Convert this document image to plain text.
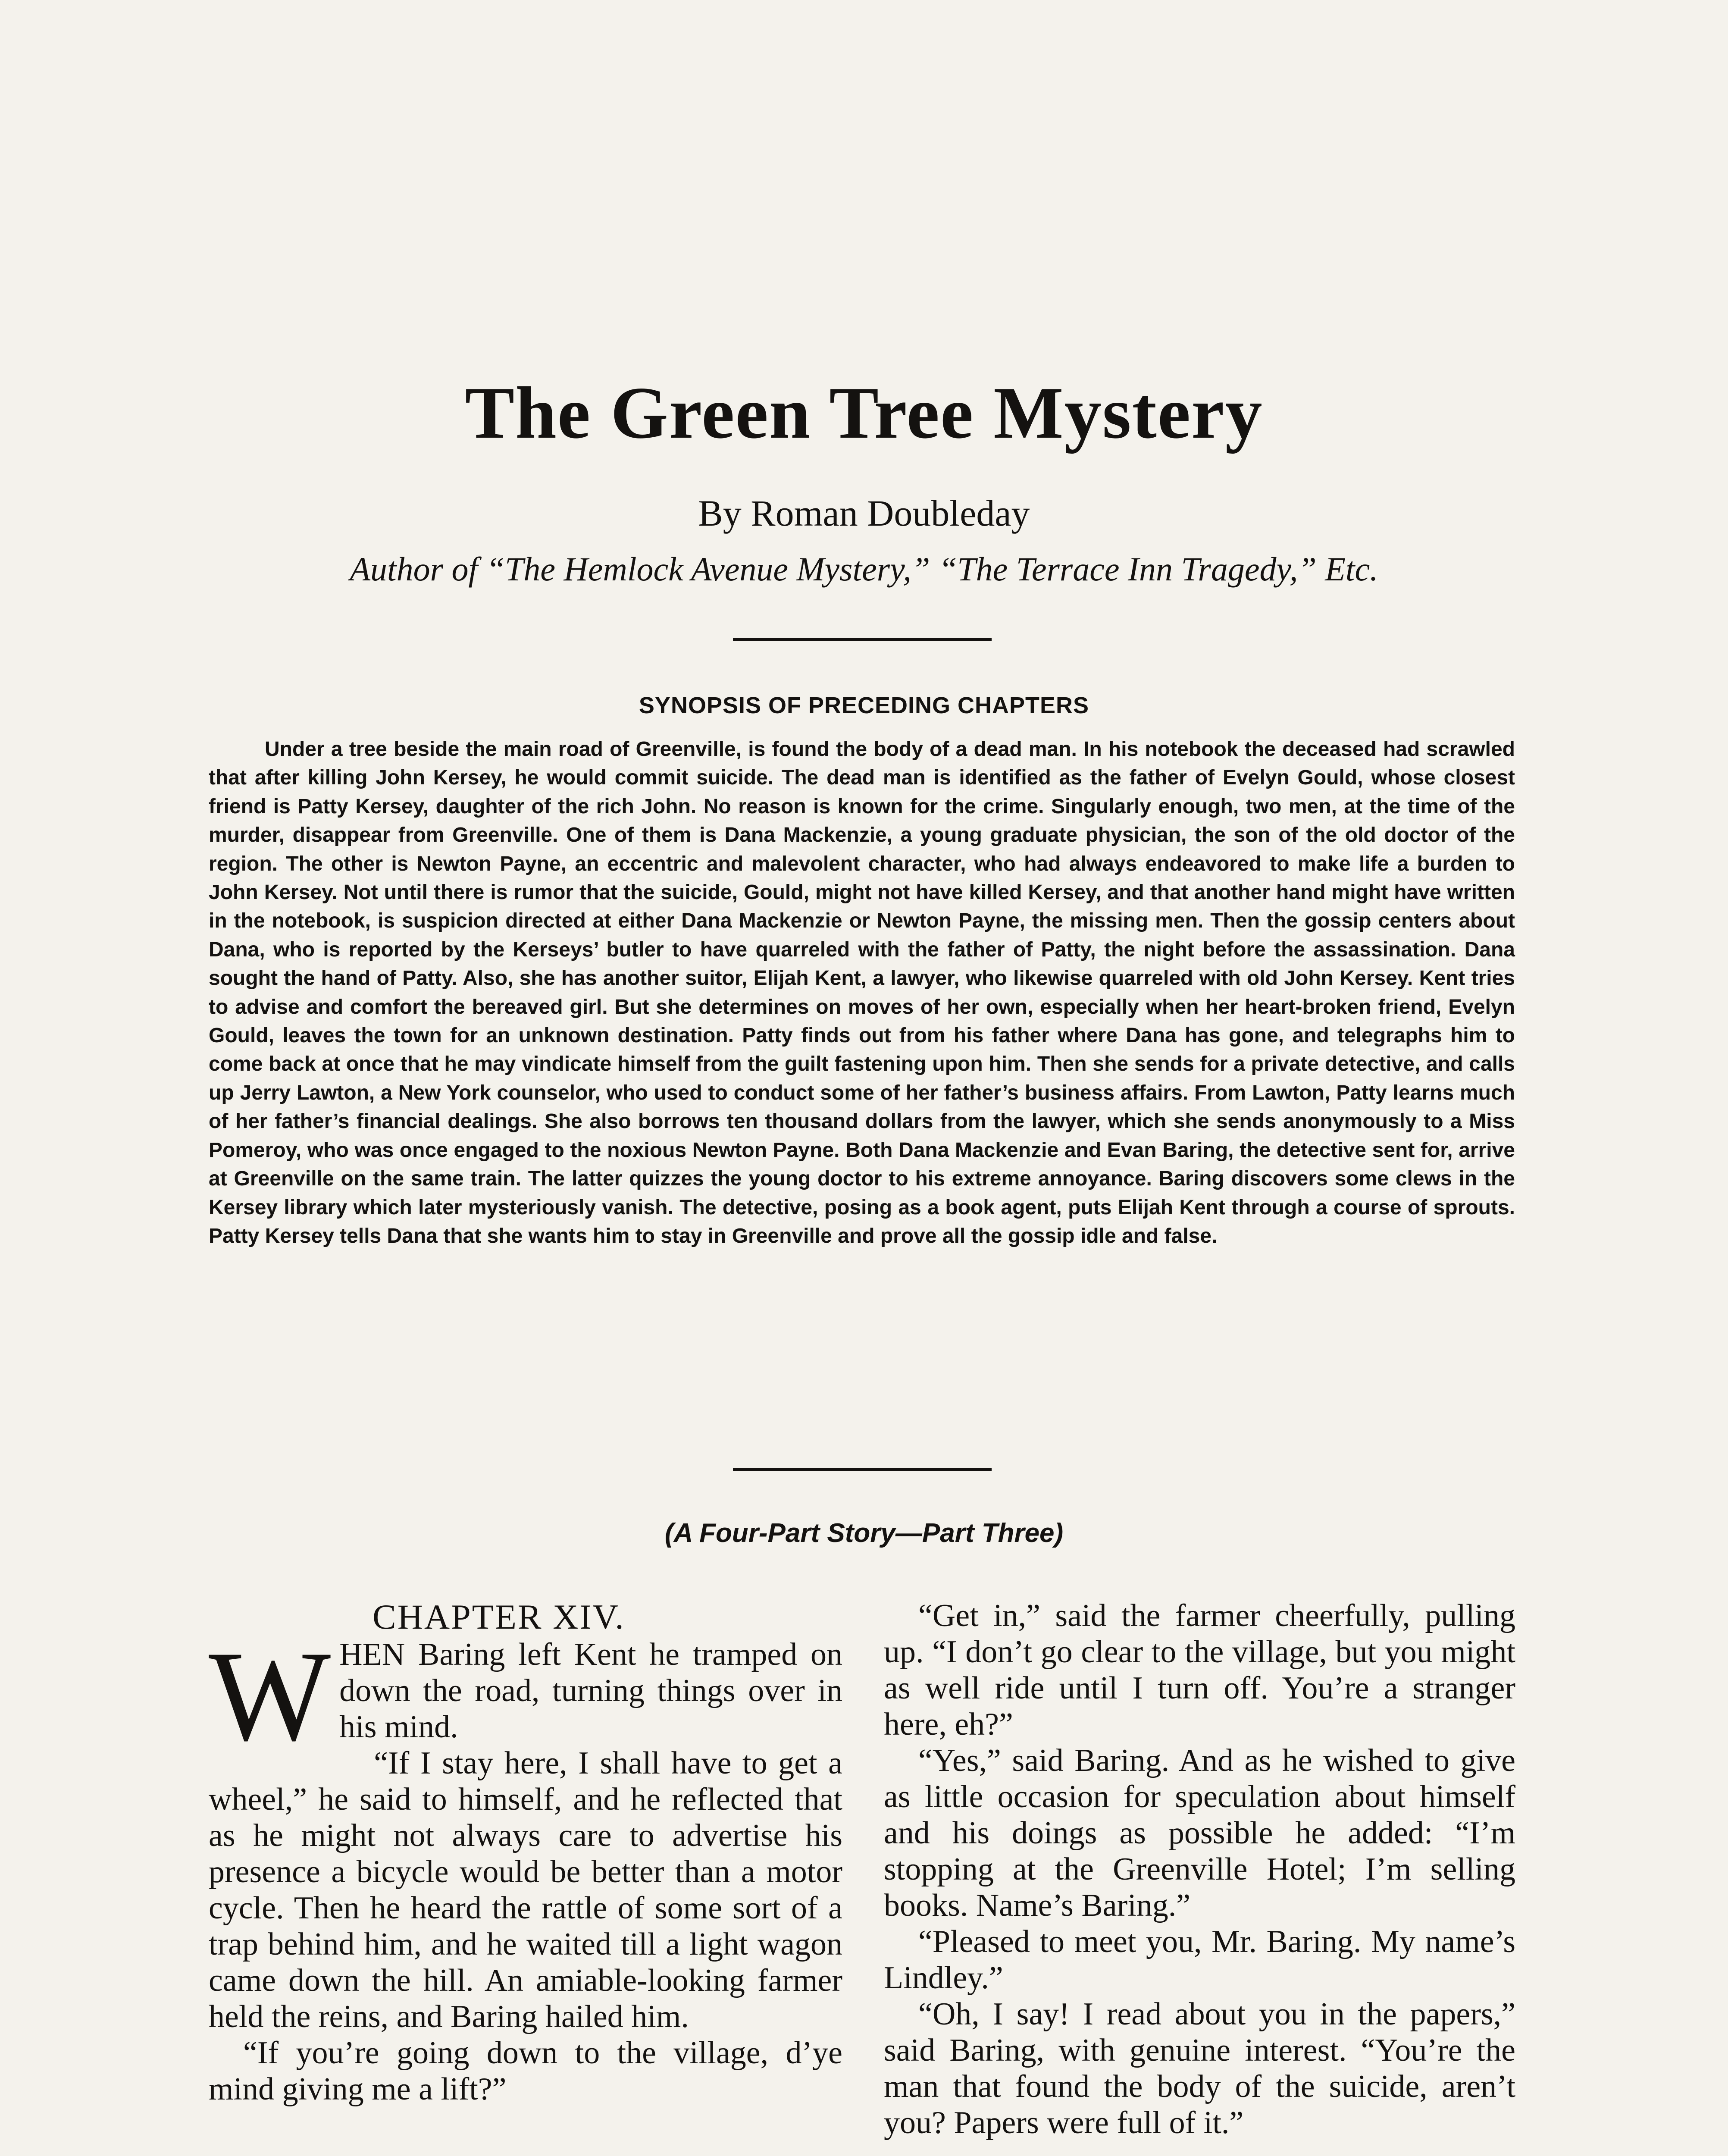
The Green Tree Mystery
By Roman Doubleday
Author of “The Hemlock Avenue Mystery,” “The Terrace Inn Tragedy,” Etc.
SYNOPSIS OF PRECEDING CHAPTERS

Under a tree beside the main road of Greenville, is found the body of a dead man. In his notebook the deceased had scrawled that after killing John Kersey, he would commit suicide. The dead man is identified as the father of Evelyn Gould, whose closest friend is Patty Kersey, daughter of the rich John. No reason is known for the crime. Singularly enough, two men, at the time of the murder, disappear from Greenville. One of them is Dana Mackenzie, a young graduate physician, the son of the old doctor of the region. The other is Newton Payne, an eccentric and malevolent character, who had always endeavored to make life a burden to John Kersey. Not until there is rumor that the suicide, Gould, might not have killed Kersey, and that another hand might have written in the notebook, is suspicion directed at either Dana Mackenzie or Newton Payne, the missing men. Then the gossip centers about Dana, who is reported by the Kerseys’ butler to have quarreled with the father of Patty, the night before the assassination. Dana sought the hand of Patty. Also, she has another suitor, Elijah Kent, a lawyer, who likewise quarreled with old John Kersey. Kent tries to advise and comfort the bereaved girl. But she determines on moves of her own, especially when her heart-broken friend, Evelyn Gould, leaves the town for an unknown destination. Patty finds out from his father where Dana has gone, and telegraphs him to come back at once that he may vindicate himself from the guilt fastening upon him. Then she sends for a private detective, and calls up Jerry Lawton, a New York counselor, who used to conduct some of her father’s business affairs. From Lawton, Patty learns much of her father’s financial dealings. She also borrows ten thousand dollars from the lawyer, which she sends anonymously to a Miss Pomeroy, who was once engaged to the noxious Newton Payne. Both Dana Mackenzie and Evan Baring, the detective sent for, arrive at Greenville on the same train. The latter quizzes the young doctor to his extreme annoyance. Baring discovers some clews in the Kersey library which later mysteriously vanish. The detective, posing as a book agent, puts Elijah Kent through a course of sprouts. Patty Kersey tells Dana that she wants him to stay in Greenville and prove all the gossip idle and false.

(A Four-Part Story—Part Three)
CHAPTER XIV.

WHEN Baring left Kent he tramped on down the road, turning things over in his mind.

“If I stay here, I shall have to get a wheel,” he said to himself, and he reflected that as he might not always care to advertise his presence a bicycle would be better than a motor cycle. Then he heard the rattle of some sort of a trap behind him, and he waited till a light wagon came down the hill. An amiable-looking farmer held the reins, and Baring hailed him.

“If you’re going down to the village, d’ye mind giving me a lift?”

“Get in,” said the farmer cheerfully, pulling up. “I don’t go clear to the village, but you might as well ride until I turn off. You’re a stranger here, eh?”

“Yes,” said Baring. And as he wished to give as little occasion for speculation about himself and his doings as possible he added: “I’m stopping at the Greenville Hotel; I’m selling books. Name’s Baring.”

“Pleased to meet you, Mr. Baring. My name’s Lindley.”

“Oh, I say! I read about you in the papers,” said Baring, with genuine interest. “You’re the man that found the body of the suicide, aren’t you? Papers were full of it.”
